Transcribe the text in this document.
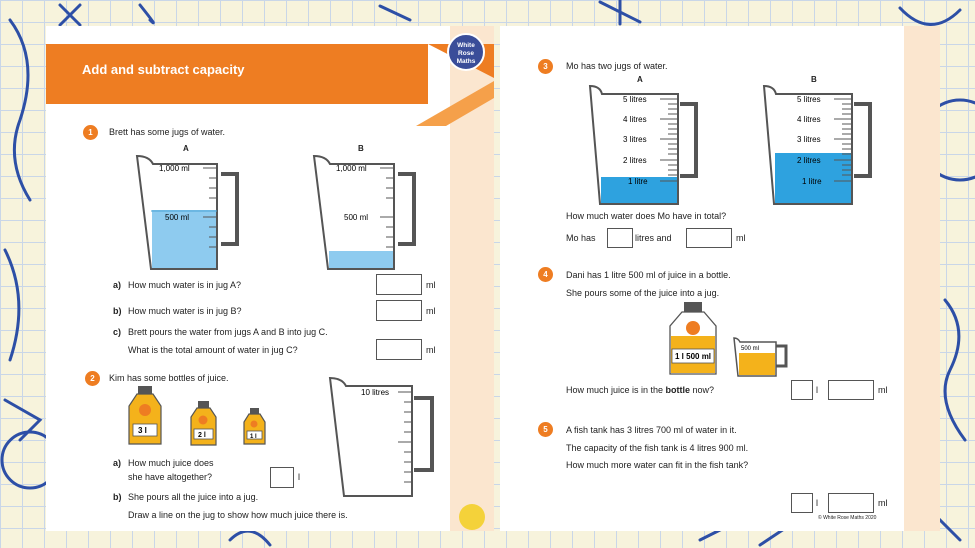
Add and subtract capacity
White
Rose
Maths
1	Brett has some jugs of water.
A
1,000 ml
500 ml
B
1,000 ml
500 ml
a) How much water is in jug A?	ml
b) How much water is in jug B?	ml
c) Brett pours the water from jugs A and B into jug C.
What is the total amount of water in jug C?	ml
2	Kim has some bottles of juice.
3 l
2 l	1 l
10 litres
a) How much juice does
she have altogether?	l
b) She pours all the juice into a jug.
Draw a line on the jug to show how much juice there is.
3	Mo has two jugs of water.
A
5 litres
4 litres
3 litres
2 litres
1 litre
B
5 litres
4 litres
3 litres
2 litres
1 litre
How much water does Mo have in total?
Mo has	litres and	ml
4	Dani has 1 litre 500 ml of juice in a bottle.
She pours some of the juice into a jug.
1 l 500 ml
500 ml
How much juice is in the bottle now?	l	ml
5	A fish tank has 3 litres 700 ml of water in it.
The capacity of the fish tank is 4 litres 900 ml.
How much more water can fit in the fish tank?
l	ml
© White Rose Maths 2020
